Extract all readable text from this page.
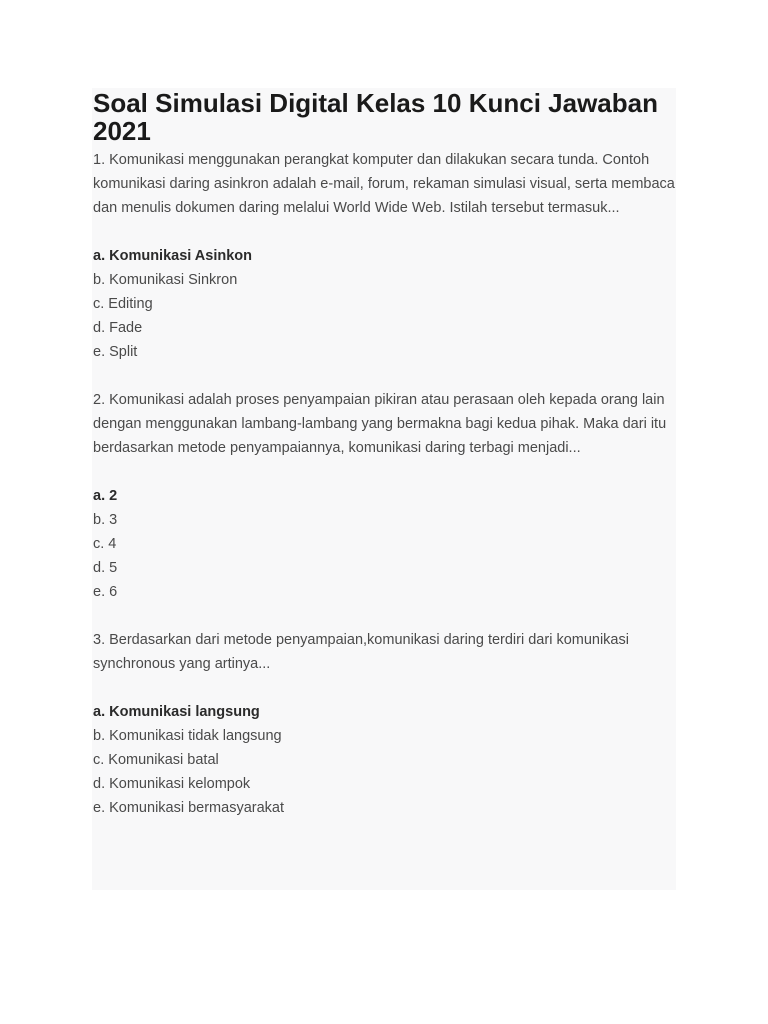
Soal Simulasi Digital Kelas 10 Kunci Jawaban 2021

1. Komunikasi menggunakan perangkat komputer dan dilakukan secara tunda. Contoh komunikasi daring asinkron adalah e-mail, forum, rekaman simulasi visual, serta membaca dan menulis dokumen daring melalui World Wide Web. Istilah tersebut termasuk...

a. Komunikasi Asinkon
b. Komunikasi Sinkron
c. Editing
d. Fade
e. Split

2. Komunikasi adalah proses penyampaian pikiran atau perasaan oleh kepada orang lain dengan menggunakan lambang-lambang yang bermakna bagi kedua pihak. Maka dari itu berdasarkan metode penyampaiannya, komunikasi daring terbagi menjadi...

a. 2
b. 3
c. 4
d. 5
e. 6

3. Berdasarkan dari metode penyampaian,komunikasi daring terdiri dari komunikasi synchronous yang artinya...

a. Komunikasi langsung
b. Komunikasi tidak langsung
c. Komunikasi batal
d. Komunikasi kelompok
e. Komunikasi bermasyarakat
